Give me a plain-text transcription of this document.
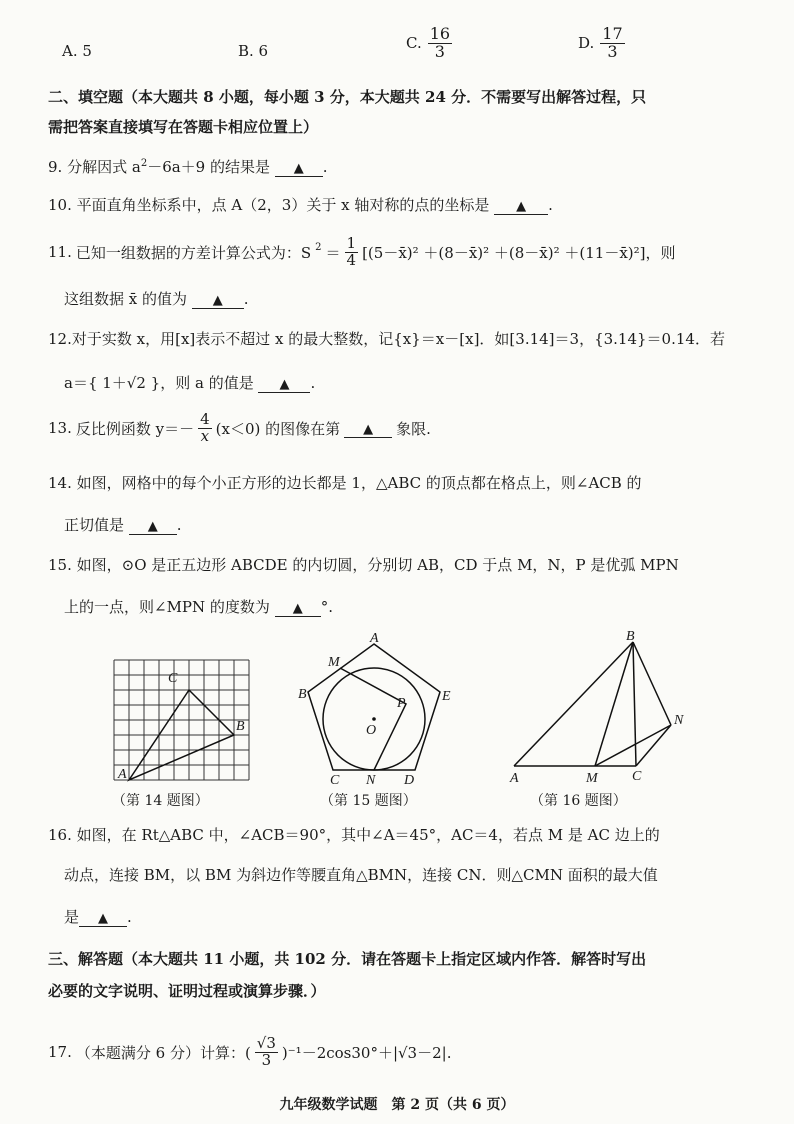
A. 5	B. 6	C. $\frac{16}{3}$	D. $\frac{17}{3}$
二、填空题（本大题共 8 小题，每小题 3 分，本大题共 24 分．不需要写出解答过程，只
需把答案直接填写在答题卡相应位置上）
9. 分解因式 $a^2-6a+9$ 的结果是 ▲ .
10. 平面直角坐标系中，点 A（2，3）关于 x 轴对称的点的坐标是 ▲ .
11. 已知一组数据的方差计算公式为：S $^2 = \frac{1}{4}$ [(5－x̄)² ＋(8－x̄)² ＋(8－x̄)² ＋(11－x̄)²]，则
这组数据 x̄ 的值为 ▲ .
12.对于实数 x，用[x]表示不超过 x 的最大整数，记{x}＝x－[x]．如[3.14]＝3，{3.14}＝0.14．若
a＝{ 1＋√2 }，则 a 的值是 ▲ .
13. 反比例函数 $y=- \frac{4}{x} (x<0)$ 的图像在第	▲	象限.
14. 如图，网格中的每个小正方形的边长都是 1，△ABC 的顶点都在格点上，则∠ACB 的
正切值是 ▲ .
15. 如图，⊙O 是正五边形 ABCDE 的内切圆，分别切 AB，CD 于点 M，N，P 是优弧 MPN
上的一点，则∠MPN 的度数为 ▲ °.
A
B
C
（第 14 题图）
A
B
C	D
E
M
N
O
P
（第 15 题图）
A
B
C
M
N
（第 16 题图）
16. 如图，在 Rt△ABC 中，∠ACB＝90°，其中∠A＝45°，AC＝4，若点 M 是 AC 边上的
动点，连接 BM，以 BM 为斜边作等腰直角△BMN，连接 CN．则△CMN 面积的最大值
是 ▲ .
三、解答题（本大题共 11 小题，共 102 分．请在答题卡上指定区域内作答．解答时写出
必要的文字说明、证明过程或演算步骤．）
17. （本题满分 6 分）计算：( $\frac{√3}{3} )^{-1}-2\cos 30^\circ+|√3-2|$.
九年级数学试题　第 2 页（共 6 页）
